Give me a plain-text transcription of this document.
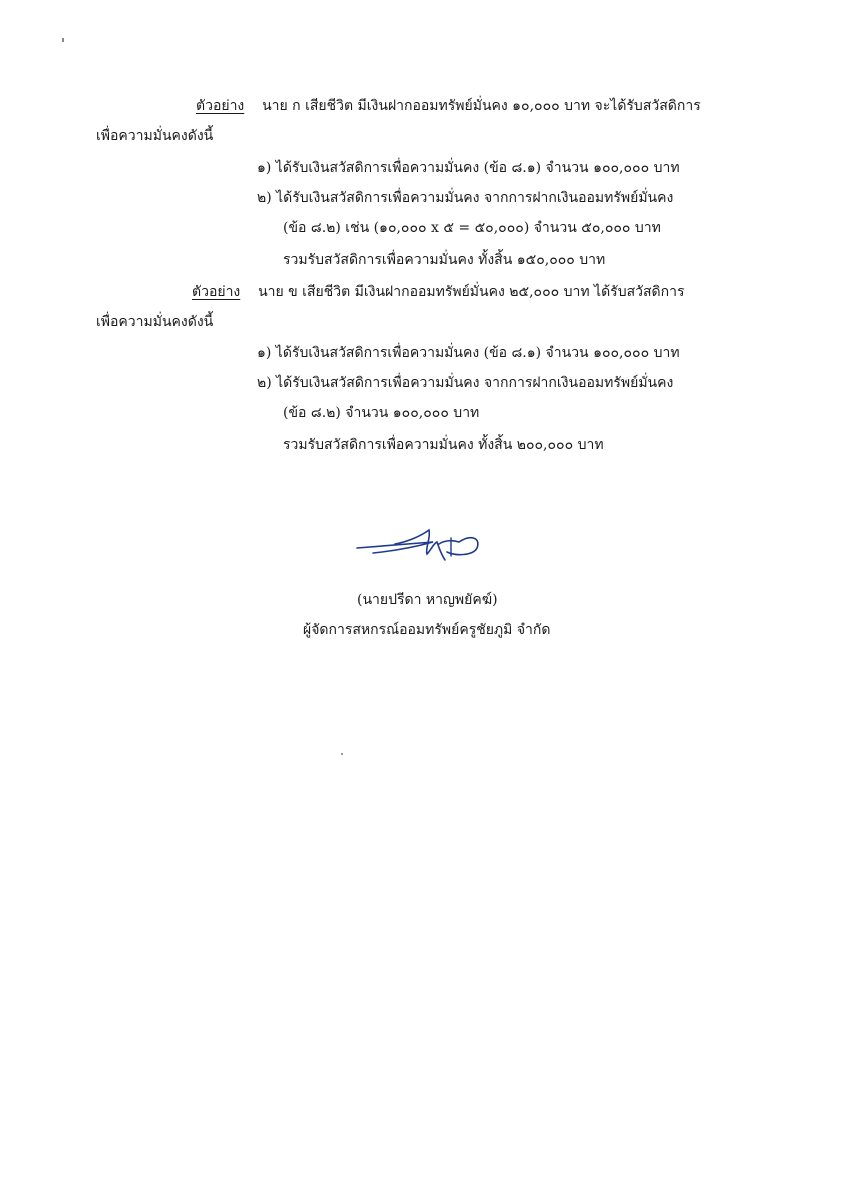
ตัวอย่าง นาย ก เสียชีวิต มีเงินฝากออมทรัพย์มั่นคง ๑๐,๐๐๐ บาท จะได้รับสวัสดิการ
เพื่อความมั่นคงดังนี้
๑) ได้รับเงินสวัสดิการเพื่อความมั่นคง (ข้อ ๘.๑) จำนวน ๑๐๐,๐๐๐ บาท
๒) ได้รับเงินสวัสดิการเพื่อความมั่นคง จากการฝากเงินออมทรัพย์มั่นคง
(ข้อ ๘.๒) เช่น (๑๐,๐๐๐ x ๕ = ๕๐,๐๐๐) จำนวน ๕๐,๐๐๐ บาท
รวมรับสวัสดิการเพื่อความมั่นคง ทั้งสิ้น ๑๕๐,๐๐๐ บาท
ตัวอย่าง นาย ข เสียชีวิต มีเงินฝากออมทรัพย์มั่นคง ๒๕,๐๐๐ บาท ได้รับสวัสดิการ
เพื่อความมั่นคงดังนี้
๑) ได้รับเงินสวัสดิการเพื่อความมั่นคง (ข้อ ๘.๑) จำนวน ๑๐๐,๐๐๐ บาท
๒) ได้รับเงินสวัสดิการเพื่อความมั่นคง จากการฝากเงินออมทรัพย์มั่นคง
(ข้อ ๘.๒) จำนวน ๑๐๐,๐๐๐ บาท
รวมรับสวัสดิการเพื่อความมั่นคง ทั้งสิ้น ๒๐๐,๐๐๐ บาท
(นายปรีดา หาญพยัคฆ์)
ผู้จัดการสหกรณ์ออมทรัพย์ครูชัยภูมิ จำกัด
